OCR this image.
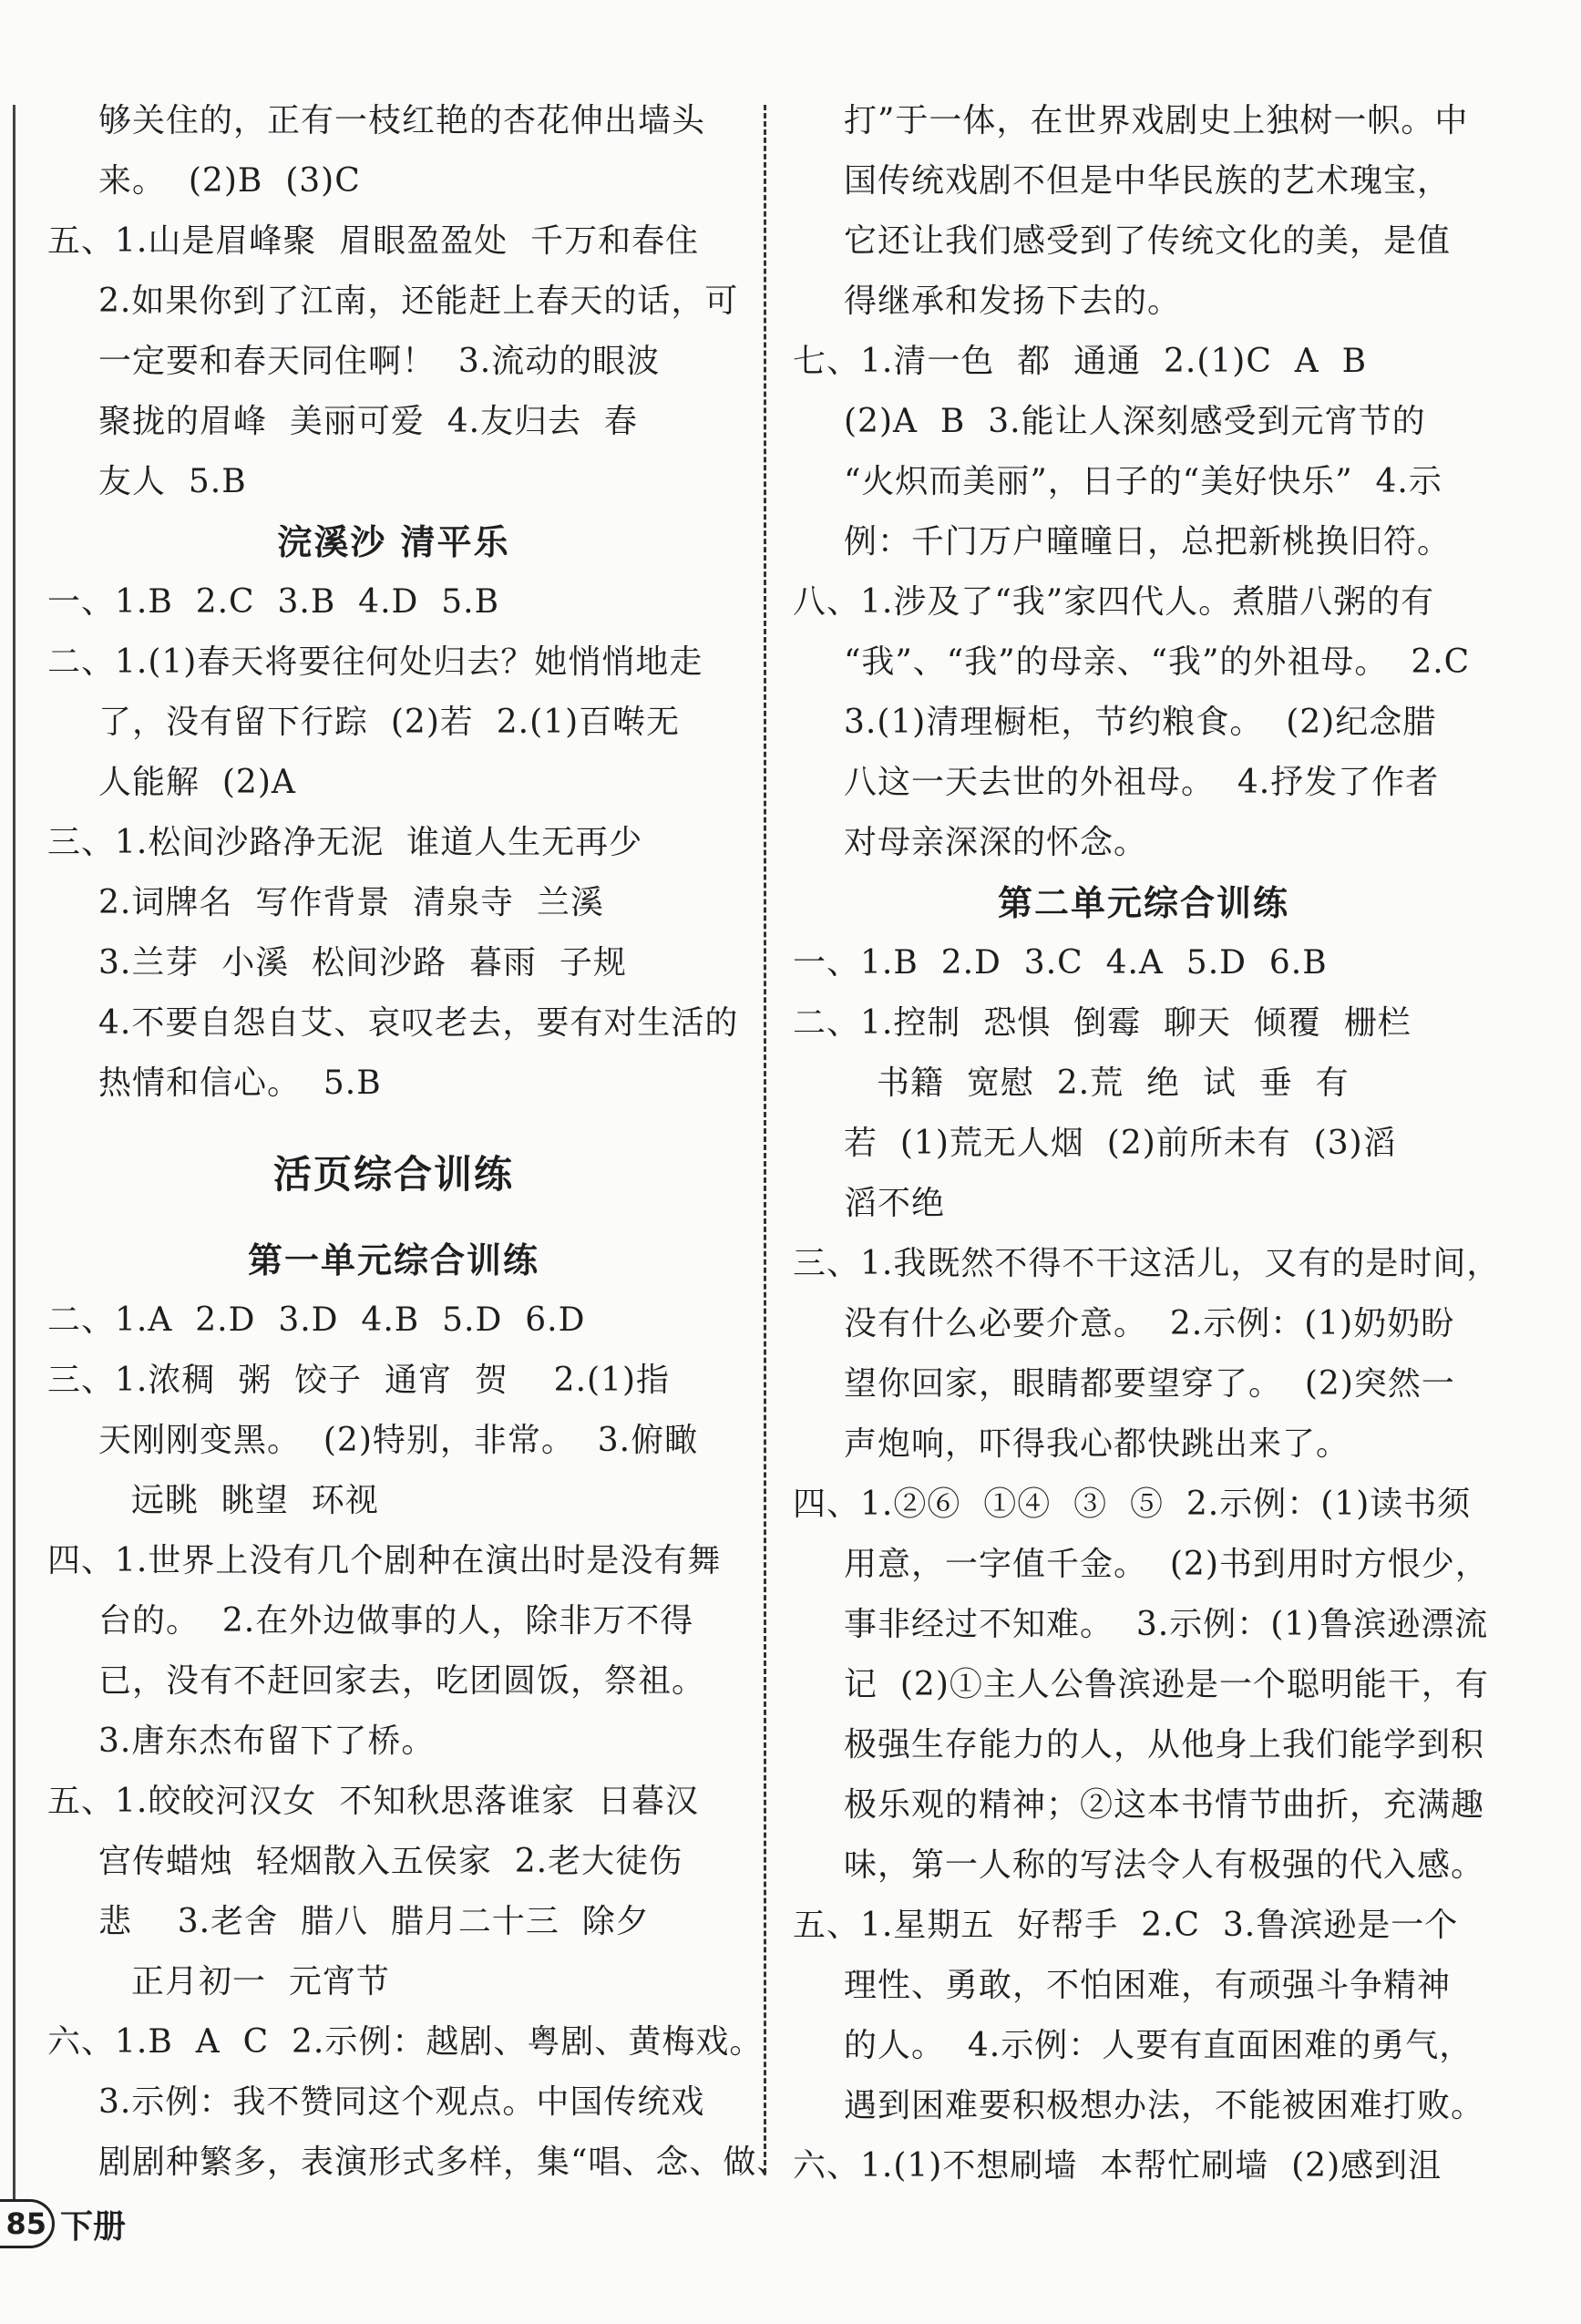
够关住的，正有一枝红艳的杏花伸出墙头
来。  (2)B  (3)C
五、1.山是眉峰聚  眉眼盈盈处  千万和春住
2.如果你到了江南，还能赶上春天的话，可
一定要和春天同住啊！  3.流动的眼波
聚拢的眉峰  美丽可爱  4.友归去  春
友人  5.B
浣溪沙 清平乐
一、1.B  2.C  3.B  4.D  5.B
二、1.(1)春天将要往何处归去？她悄悄地走
了，没有留下行踪  (2)若  2.(1)百啭无
人能解  (2)A
三、1.松间沙路净无泥  谁道人生无再少
2.词牌名  写作背景  清泉寺  兰溪
3.兰芽  小溪  松间沙路  暮雨  子规
4.不要自怨自艾、哀叹老去，要有对生活的
热情和信心。  5.B
活页综合训练
第一单元综合训练
二、1.A  2.D  3.D  4.B  5.D  6.D
三、1.浓稠  粥  饺子  通宵  贺    2.(1)指
天刚刚变黑。  (2)特别，非常。  3.俯瞰
远眺  眺望  环视
四、1.世界上没有几个剧种在演出时是没有舞
台的。  2.在外边做事的人，除非万不得
已，没有不赶回家去，吃团圆饭，祭祖。
3.唐东杰布留下了桥。
五、1.皎皎河汉女  不知秋思落谁家  日暮汉
宫传蜡烛  轻烟散入五侯家  2.老大徒伤
悲    3.老舍  腊八  腊月二十三  除夕
正月初一  元宵节
六、1.B  A  C  2.示例：越剧、粤剧、黄梅戏。
3.示例：我不赞同这个观点。中国传统戏
剧剧种繁多，表演形式多样，集“唱、念、做、
打”于一体，在世界戏剧史上独树一帜。中
国传统戏剧不但是中华民族的艺术瑰宝，
它还让我们感受到了传统文化的美，是值
得继承和发扬下去的。
七、1.清一色  都  通通  2.(1)C  A  B
(2)A  B  3.能让人深刻感受到元宵节的
“火炽而美丽”，日子的“美好快乐”  4.示
例：千门万户曈曈日，总把新桃换旧符。
八、1.涉及了“我”家四代人。煮腊八粥的有
“我”、“我”的母亲、“我”的外祖母。  2.C
3.(1)清理橱柜，节约粮食。  (2)纪念腊
八这一天去世的外祖母。  4.抒发了作者
对母亲深深的怀念。
第二单元综合训练
一、1.B  2.D  3.C  4.A  5.D  6.B
二、1.控制  恐惧  倒霉  聊天  倾覆  栅栏
书籍  宽慰  2.荒  绝  试  垂  有
若  (1)荒无人烟  (2)前所未有  (3)滔
滔不绝
三、1.我既然不得不干这活儿，又有的是时间，
没有什么必要介意。  2.示例：(1)奶奶盼
望你回家，眼睛都要望穿了。  (2)突然一
声炮响，吓得我心都快跳出来了。
四、1.②⑥  ①④  ③  ⑤  2.示例：(1)读书须
用意，一字值千金。  (2)书到用时方恨少，
事非经过不知难。  3.示例：(1)鲁滨逊漂流
记  (2)①主人公鲁滨逊是一个聪明能干，有
极强生存能力的人，从他身上我们能学到积
极乐观的精神；②这本书情节曲折，充满趣
味，第一人称的写法令人有极强的代入感。
五、1.星期五  好帮手  2.C  3.鲁滨逊是一个
理性、勇敢，不怕困难，有顽强斗争精神
的人。  4.示例：人要有直面困难的勇气，
遇到困难要积极想办法，不能被困难打败。
六、1.(1)不想刷墙  本帮忙刷墙  (2)感到沮
85 下册
